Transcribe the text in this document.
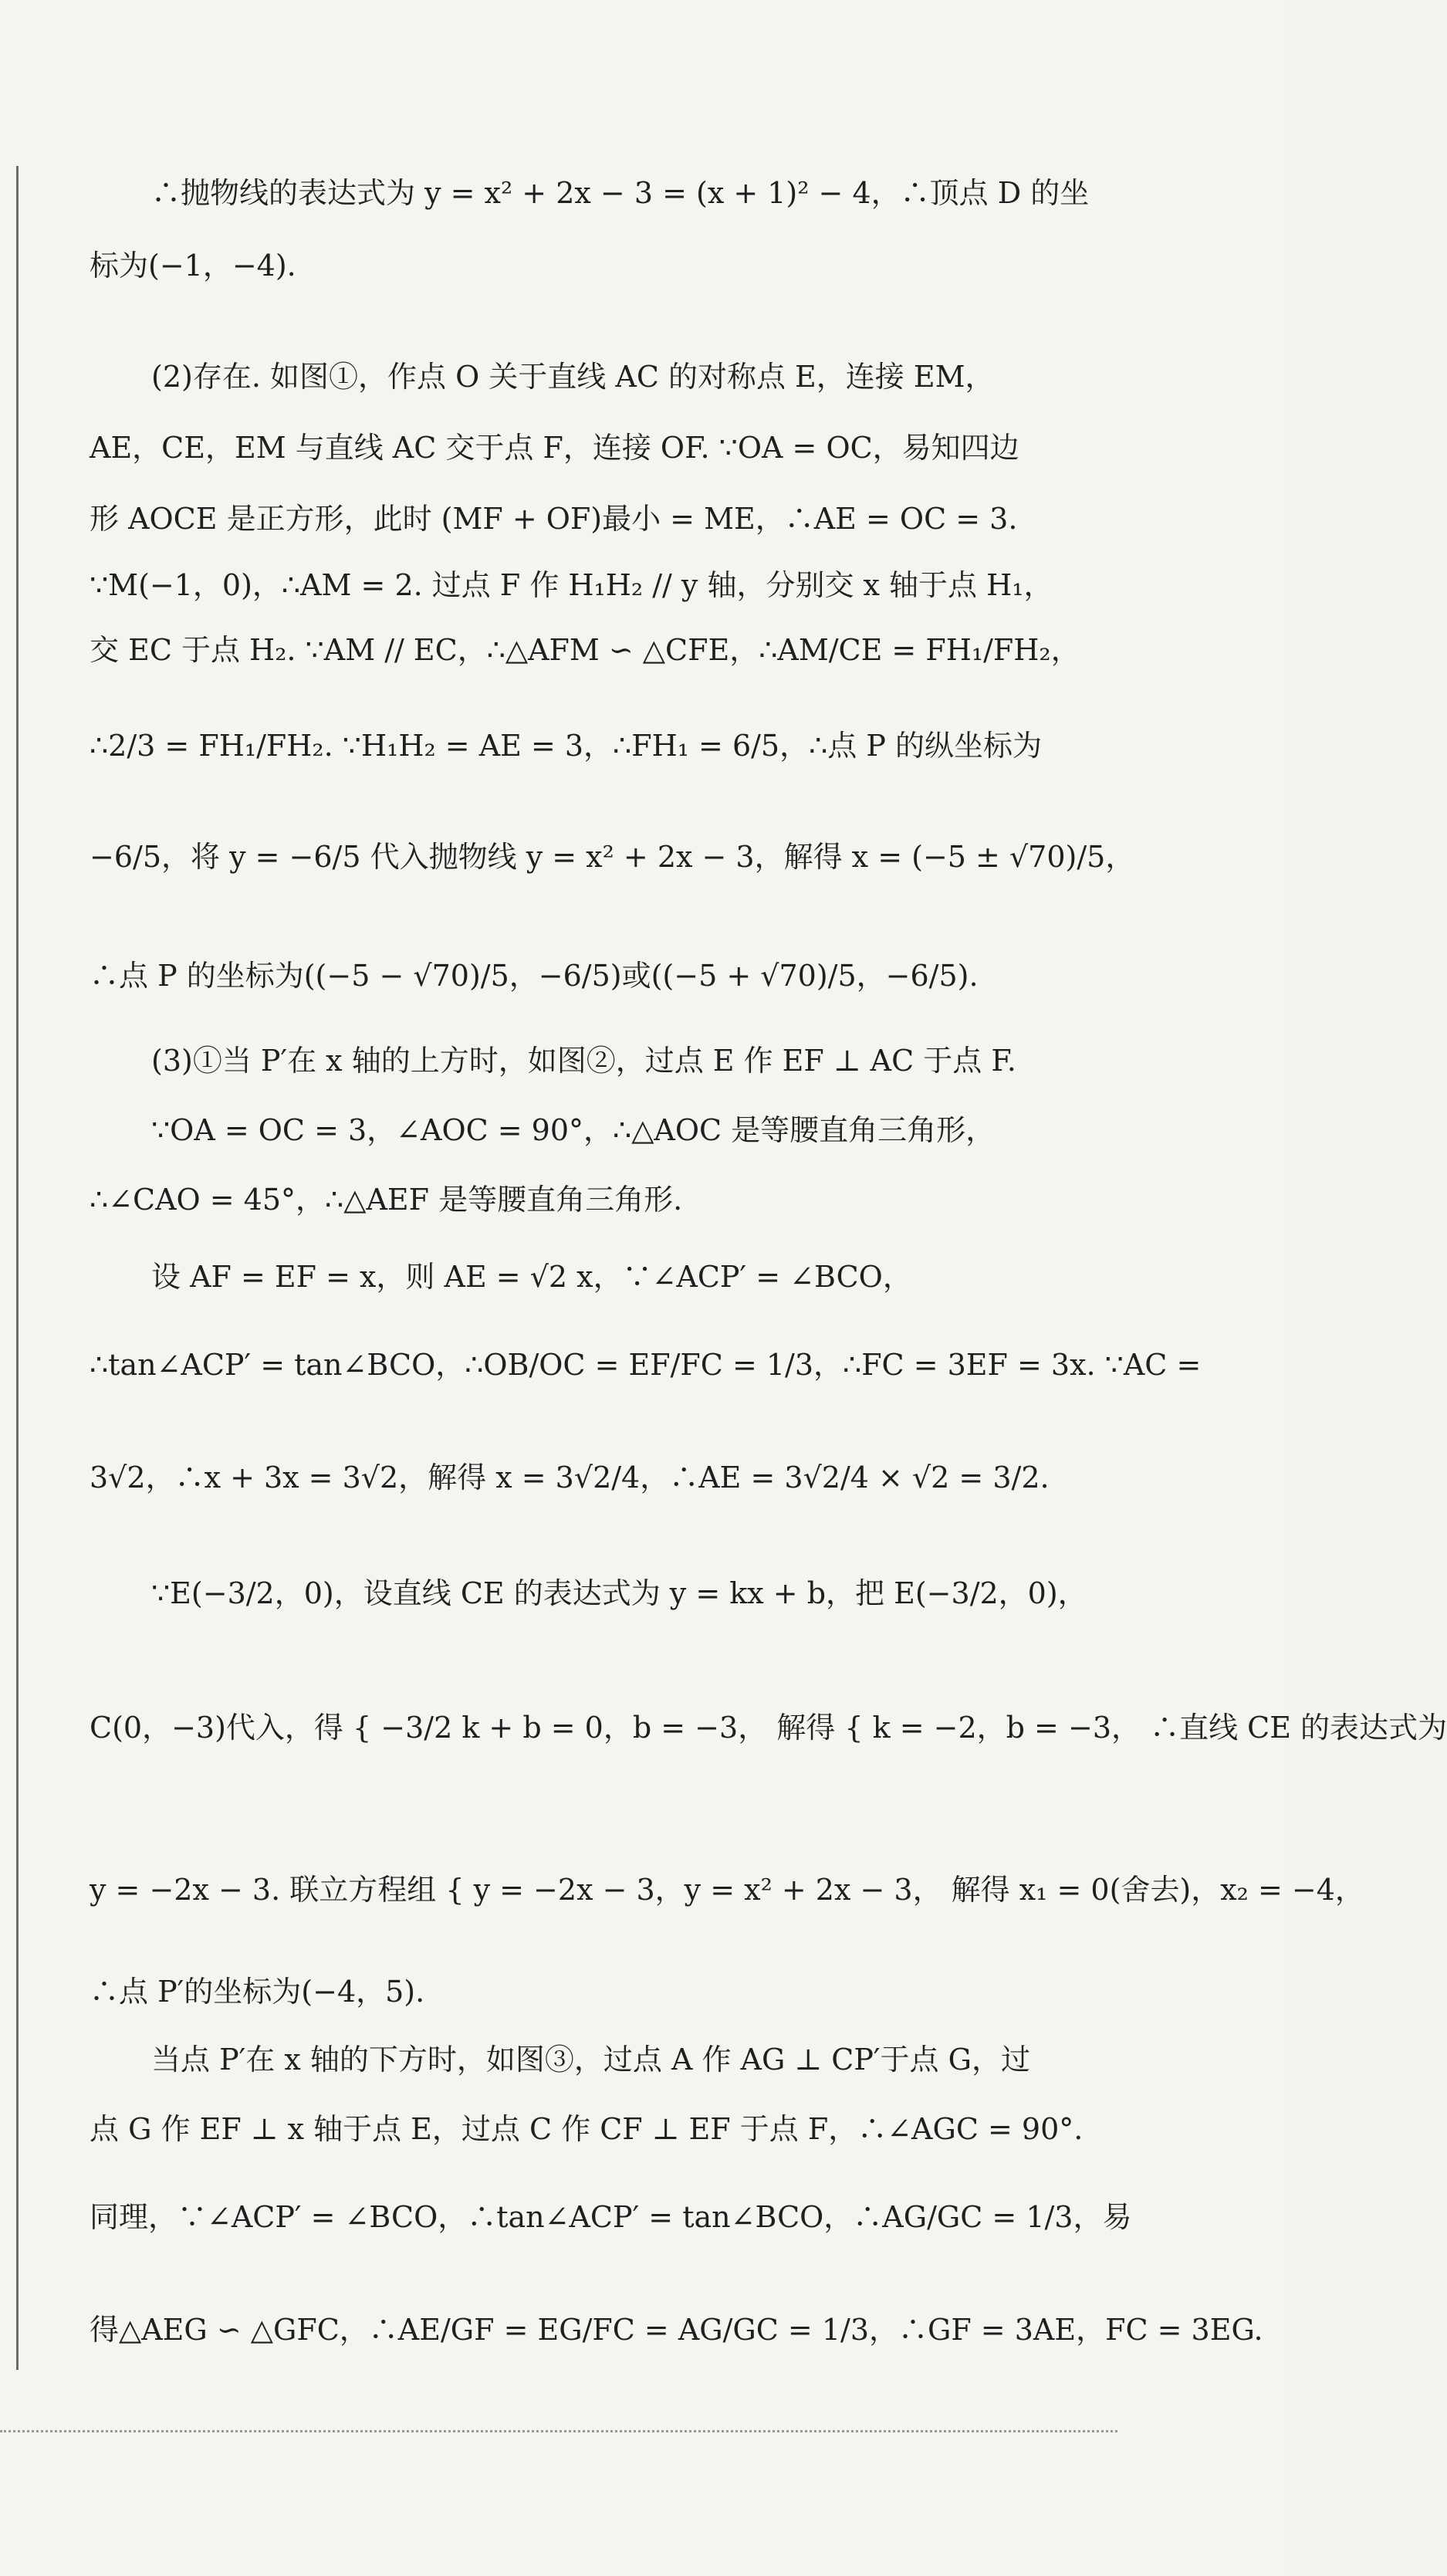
∴抛物线的表达式为 y = x² + 2x − 3 = (x + 1)² − 4，∴顶点 D 的坐
标为(−1，−4).
(2)存在. 如图①，作点 O 关于直线 AC 的对称点 E，连接 EM，
AE，CE，EM 与直线 AC 交于点 F，连接 OF. ∵OA = OC，易知四边
形 AOCE 是正方形，此时 (MF + OF)最小 = ME，∴AE = OC = 3.
∵M(−1，0)，∴AM = 2. 过点 F 作 H₁H₂ // y 轴，分别交 x 轴于点 H₁，
交 EC 于点 H₂. ∵AM // EC，∴△AFM ∽ △CFE，∴AM/CE = FH₁/FH₂，
∴2/3 = FH₁/FH₂. ∵H₁H₂ = AE = 3，∴FH₁ = 6/5，∴点 P 的纵坐标为
−6/5，将 y = −6/5 代入抛物线 y = x² + 2x − 3，解得 x = (−5 ± √70)/5，
∴点 P 的坐标为((−5 − √70)/5，−6/5)或((−5 + √70)/5，−6/5).
(3)①当 P′在 x 轴的上方时，如图②，过点 E 作 EF ⊥ AC 于点 F.
∵OA = OC = 3，∠AOC = 90°，∴△AOC 是等腰直角三角形，
∴∠CAO = 45°，∴△AEF 是等腰直角三角形.
设 AF = EF = x，则 AE = √2 x，∵∠ACP′ = ∠BCO，
∴tan∠ACP′ = tan∠BCO，∴OB/OC = EF/FC = 1/3，∴FC = 3EF = 3x. ∵AC =
3√2，∴x + 3x = 3√2，解得 x = 3√2/4，∴AE = 3√2/4 × √2 = 3/2.
∵E(−3/2，0)，设直线 CE 的表达式为 y = kx + b，把 E(−3/2，0)，
C(0，−3)代入，得 { −3/2 k + b = 0，b = −3， 解得 { k = −2，b = −3， ∴直线 CE 的表达式为
y = −2x − 3. 联立方程组 { y = −2x − 3，y = x² + 2x − 3， 解得 x₁ = 0(舍去)，x₂ = −4，
∴点 P′的坐标为(−4，5).
当点 P′在 x 轴的下方时，如图③，过点 A 作 AG ⊥ CP′于点 G，过
点 G 作 EF ⊥ x 轴于点 E，过点 C 作 CF ⊥ EF 于点 F，∴∠AGC = 90°.
同理，∵∠ACP′ = ∠BCO，∴tan∠ACP′ = tan∠BCO，∴AG/GC = 1/3，易
得△AEG ∽ △GFC，∴AE/GF = EG/FC = AG/GC = 1/3，∴GF = 3AE，FC = 3EG.
